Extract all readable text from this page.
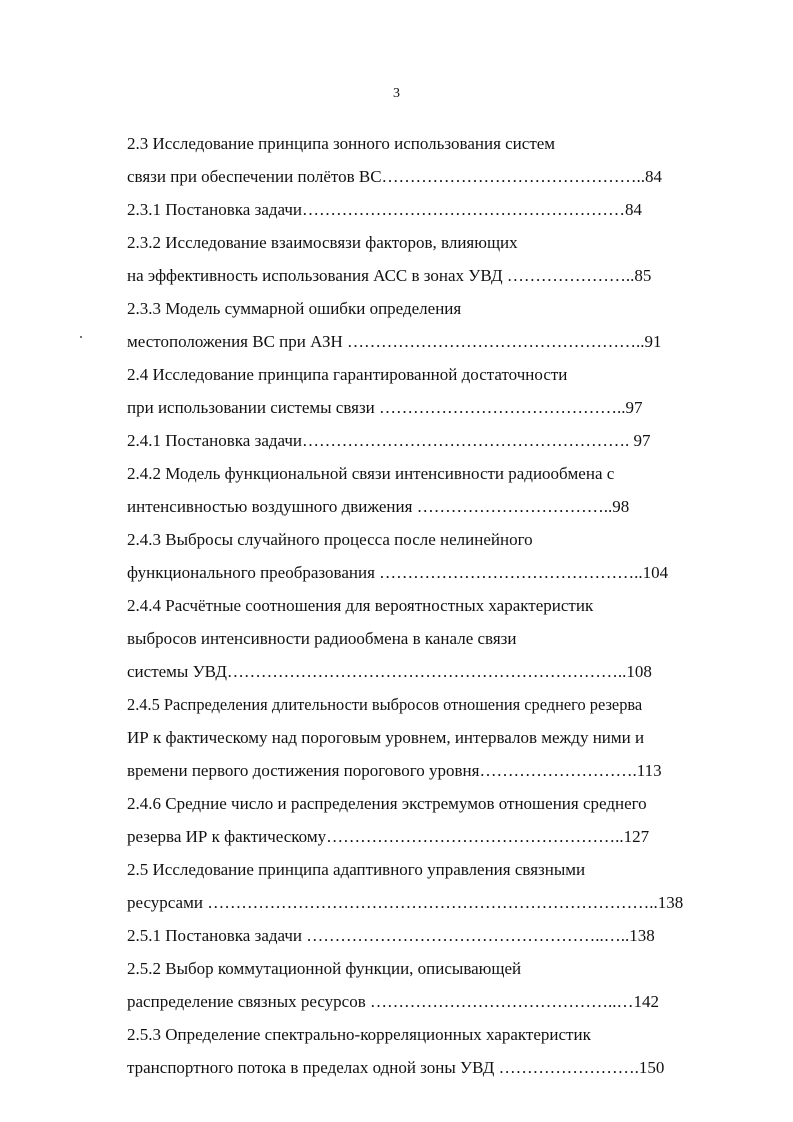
3
2.3 Исследование принципа зонного использования систем
связи при обеспечении полётов ВС………………………………………..84
2.3.1 Постановка задачи…………………………………………………84
2.3.2 Исследование взаимосвязи факторов, влияющих
на эффективность использования АСС в зонах УВД …………………..85
2.3.3 Модель суммарной ошибки определения
местоположения ВС при АЗН ……………………………………………..91
2.4 Исследование принципа гарантированной достаточности
при использовании системы связи ……………………………………..97
2.4.1 Постановка задачи…………………………………………………. 97
2.4.2 Модель функциональной связи интенсивности радиообмена с
интенсивностью воздушного движения ……………………………..98
2.4.3 Выбросы случайного процесса после нелинейного
функционального преобразования ………………………………………..104
2.4.4 Расчётные соотношения для вероятностных характеристик
выбросов интенсивности радиообмена в канале связи
системы УВД……………………………………………………………..108
2.4.5 Распределения длительности выбросов отношения среднего резерва
ИР к фактическому над пороговым уровнем, интервалов между ними и
времени первого достижения порогового уровня……………………….113
2.4.6 Средние число и распределения экстремумов отношения среднего
резерва ИР к фактическому……………………………………………..127
2.5 Исследование принципа адаптивного управления связными
ресурсами ……………………………………………………………………..138
2.5.1 Постановка задачи ……………………………………………..…..138
2.5.2 Выбор коммутационной функции, описывающей
распределение связных ресурсов ……………………………………..…142
2.5.3 Определение спектрально-корреляционных характеристик
транспортного потока в пределах одной зоны УВД …………………….150
